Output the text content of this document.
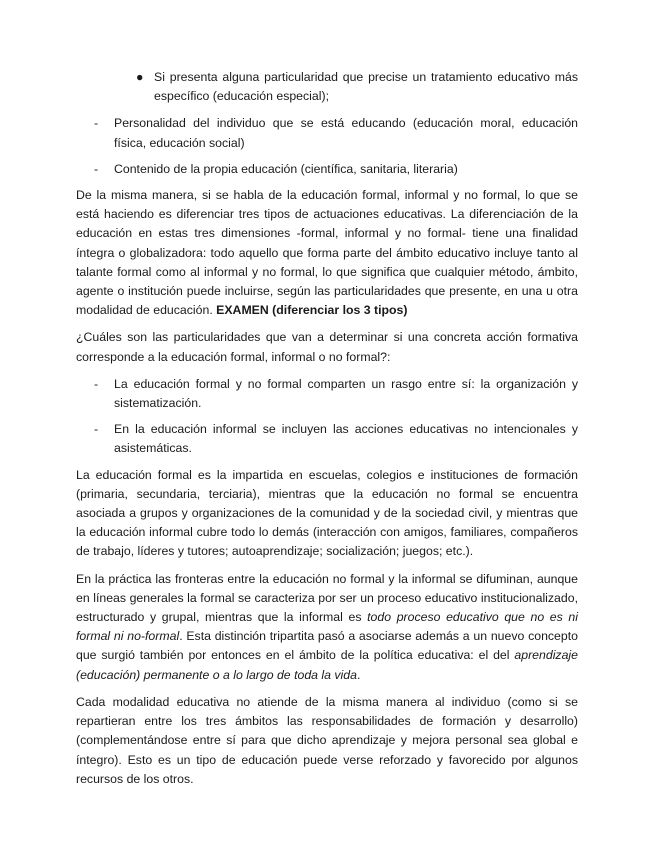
● Si presenta alguna particularidad que precise un tratamiento educativo más específico (educación especial);
- Personalidad del individuo que se está educando (educación moral, educación física, educación social)
- Contenido de la propia educación (científica, sanitaria, literaria)

De la misma manera, si se habla de la educación formal, informal y no formal, lo que se está haciendo es diferenciar tres tipos de actuaciones educativas. La diferenciación de la educación en estas tres dimensiones -formal, informal y no formal- tiene una finalidad íntegra o globalizadora: todo aquello que forma parte del ámbito educativo incluye tanto al talante formal como al informal y no formal, lo que significa que cualquier método, ámbito, agente o institución puede incluirse, según las particularidades que presente, en una u otra modalidad de educación. EXAMEN (diferenciar los 3 tipos)

¿Cuáles son las particularidades que van a determinar si una concreta acción formativa corresponde a la educación formal, informal o no formal?:

- La educación formal y no formal comparten un rasgo entre sí: la organización y sistematización.
- En la educación informal se incluyen las acciones educativas no intencionales y asistemáticas.

La educación formal es la impartida en escuelas, colegios e instituciones de formación (primaria, secundaria, terciaria), mientras que la educación no formal se encuentra asociada a grupos y organizaciones de la comunidad y de la sociedad civil, y mientras que la educación informal cubre todo lo demás (interacción con amigos, familiares, compañeros de trabajo, líderes y tutores; autoaprendizaje; socialización; juegos; etc.).

En la práctica las fronteras entre la educación no formal y la informal se difuminan, aunque en líneas generales la formal se caracteriza por ser un proceso educativo institucionalizado, estructurado y grupal, mientras que la informal es todo proceso educativo que no es ni formal ni no-formal. Esta distinción tripartita pasó a asociarse además a un nuevo concepto que surgió también por entonces en el ámbito de la política educativa: el del aprendizaje (educación) permanente o a lo largo de toda la vida.

Cada modalidad educativa no atiende de la misma manera al individuo (como si se repartieran entre los tres ámbitos las responsabilidades de formación y desarrollo) (complementándose entre sí para que dicho aprendizaje y mejora personal sea global e íntegro). Esto es un tipo de educación puede verse reforzado y favorecido por algunos recursos de los otros.
